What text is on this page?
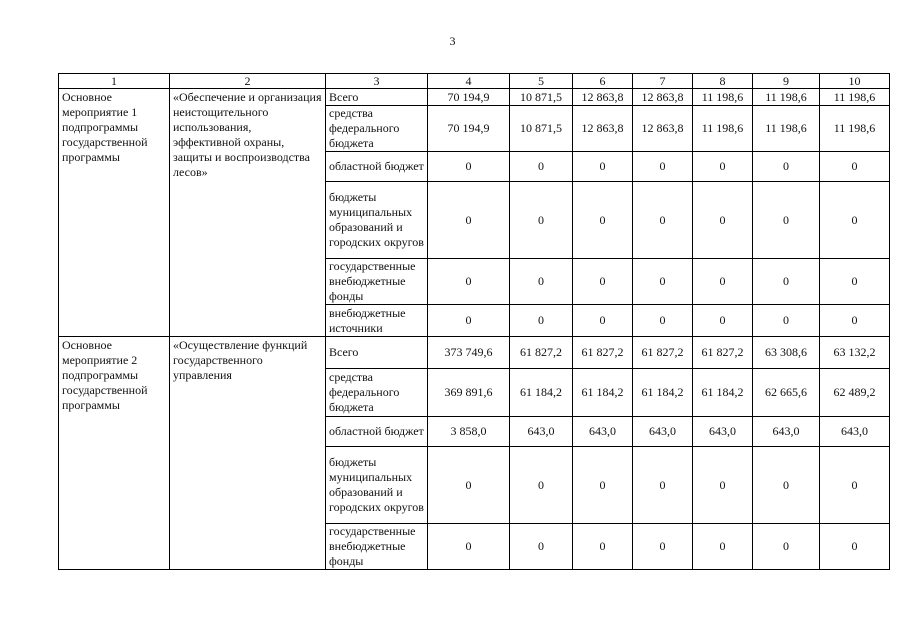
3
1	2	3	4	5	6	7	8	9	10
Основное мероприятие 1 подпрограммы государственной программы	«Обеспечение и организация неистощительного использования, эффективной охраны, защиты и воспроизводства лесов»	Всего	70 194,9	10 871,5	12 863,8	12 863,8	11 198,6	11 198,6	11 198,6
		средства федерального бюджета	70 194,9	10 871,5	12 863,8	12 863,8	11 198,6	11 198,6	11 198,6
		областной бюджет	0	0	0	0	0	0	0
		бюджеты муниципальных образований и городских округов	0	0	0	0	0	0	0
		государственные внебюджетные фонды	0	0	0	0	0	0	0
		внебюджетные источники	0	0	0	0	0	0	0
Основное мероприятие 2 подпрограммы государственной программы	«Осуществление функций государственного управления	Всего	373 749,6	61 827,2	61 827,2	61 827,2	61 827,2	63 308,6	63 132,2
		средства федерального бюджета	369 891,6	61 184,2	61 184,2	61 184,2	61 184,2	62 665,6	62 489,2
		областной бюджет	3 858,0	643,0	643,0	643,0	643,0	643,0	643,0
		бюджеты муниципальных образований и городских округов	0	0	0	0	0	0	0
		государственные внебюджетные фонды	0	0	0	0	0	0	0
